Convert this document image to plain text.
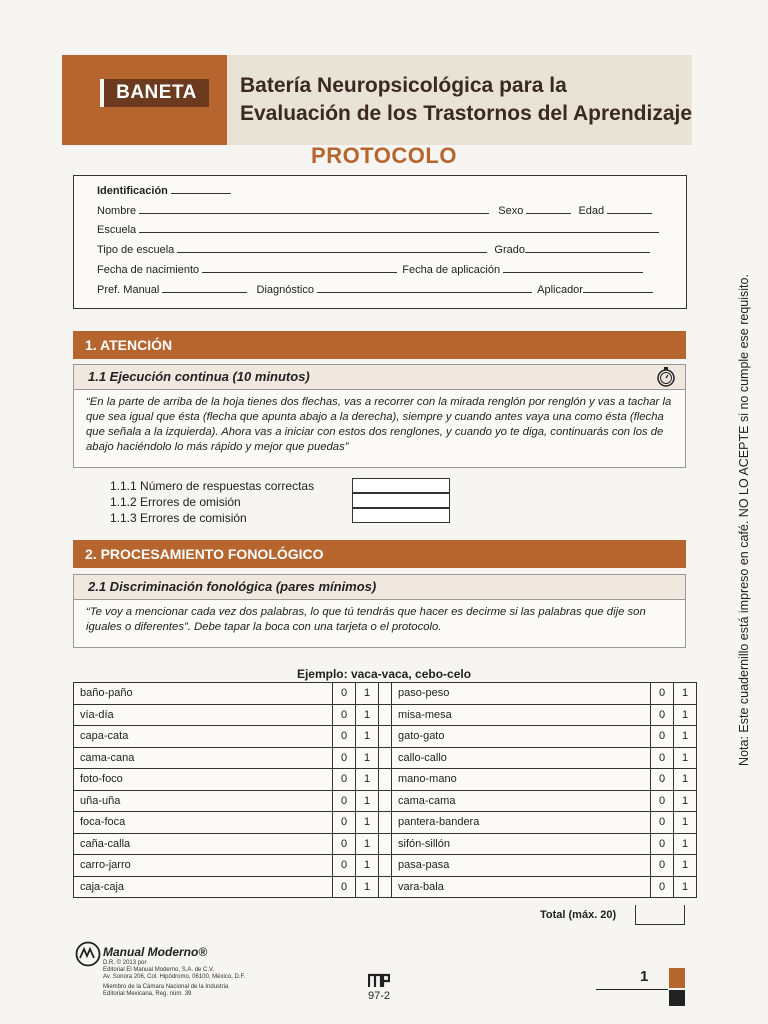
BANETA	Batería Neuropsicológica para la
Evaluación de los Trastornos del Aprendizaje
PROTOCOLO
Identificación
Nombre	Sexo	Edad
Escuela
Tipo de escuela	Grado
Fecha de nacimiento	Fecha de aplicación
Pref. Manual	Diagnóstico	Aplicador
1. ATENCIÓN
1.1 Ejecución continua (10 minutos)
“En la parte de arriba de la hoja tienes dos flechas, vas a recorrer con la mirada renglón por renglón y vas a tachar la que sea igual que ésta (flecha que apunta abajo a la derecha), siempre y cuando antes vaya una como ésta (flecha que señala a la izquierda). Ahora vas a iniciar con estos dos renglones, y cuando yo te diga, continuarás con los de abajo haciéndolo lo más rápido y mejor que puedas”
1.1.1 Número de respuestas correctas
1.1.2 Errores de omisión
1.1.3 Errores de comisión
2. PROCESAMIENTO FONOLÓGICO
2.1 Discriminación fonológica (pares mínimos)
“Te voy a mencionar cada vez dos palabras, lo que tú tendrás que hacer es decirme si las palabras que dije son iguales o diferentes”. Debe tapar la boca con una tarjeta o el protocolo.
Ejemplo: vaca-vaca, cebo-celo
baño-paño	0	1		paso-peso	0	1
vía-día	0	1		misa-mesa	0	1
capa-cata	0	1		gato-gato	0	1
cama-cana	0	1		callo-callo	0	1
foto-foco	0	1		mano-mano	0	1
uña-uña	0	1		cama-cama	0	1
foca-foca	0	1		pantera-bandera	0	1
caña-calla	0	1		sifón-sillón	0	1
carro-jarro	0	1		pasa-pasa	0	1
caja-caja	0	1		vara-bala	0	1
Total (máx. 20)
Nota: Este cuadernillo está impreso en café. NO LO ACEPTE si no cumple ese requisito.
Manual Moderno®
D.R. © 2013 por
Editorial El Manual Moderno, S.A. de C.V.
Av. Sonora 206, Col. Hipódromo, 06100, México, D.F.
Miembro de la Cámara Nacional de la Industria
Editorial Mexicana, Reg. núm. 39	97-2
1
